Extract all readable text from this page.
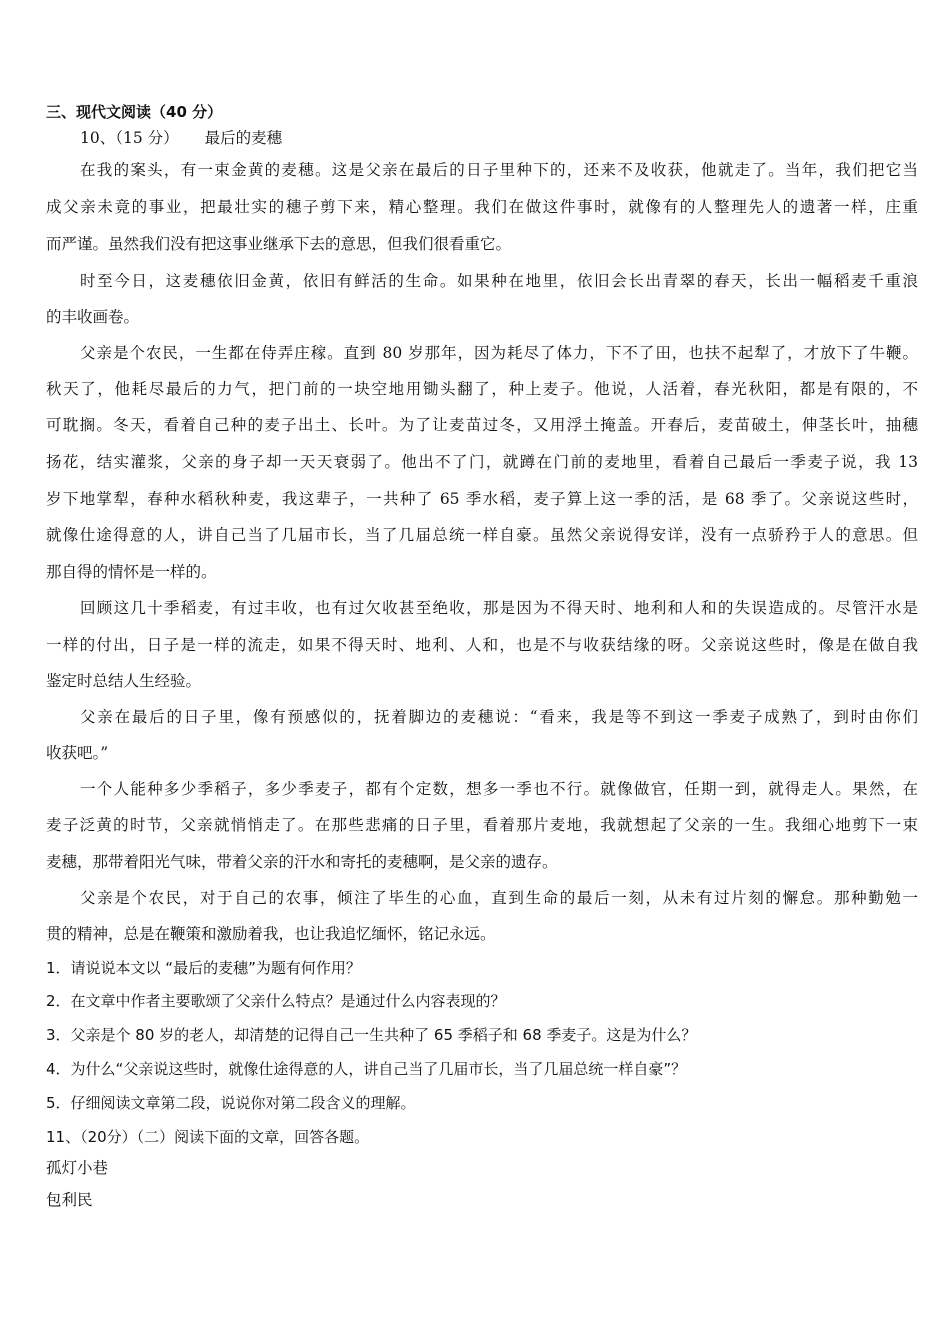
三、现代文阅读（40 分）
10、（15 分） 最后的麦穗
在我的案头，有一束金黄的麦穗。这是父亲在最后的日子里种下的，还来不及收获，他就走了。当年，我们把它当
成父亲未竟的事业，把最壮实的穗子剪下来，精心整理。我们在做这件事时，就像有的人整理先人的遗著一样，庄重
而严谨。虽然我们没有把这事业继承下去的意思，但我们很看重它。
时至今日，这麦穗依旧金黄，依旧有鲜活的生命。如果种在地里，依旧会长出青翠的春天，长出一幅稻麦千重浪
的丰收画卷。
父亲是个农民，一生都在侍弄庄稼。直到 80 岁那年，因为耗尽了体力，下不了田，也扶不起犁了，才放下了牛鞭。
秋天了，他耗尽最后的力气，把门前的一块空地用锄头翻了，种上麦子。他说，人活着，春光秋阳，都是有限的，不
可耽搁。冬天，看着自己种的麦子出土、长叶。为了让麦苗过冬，又用浮土掩盖。开春后，麦苗破土，伸茎长叶，抽穗
扬花，结实灌浆，父亲的身子却一天天衰弱了。他出不了门，就蹲在门前的麦地里，看着自己最后一季麦子说，我 13
岁下地掌犁，春种水稻秋种麦，我这辈子，一共种了 65 季水稻，麦子算上这一季的活，是 68 季了。父亲说这些时，
就像仕途得意的人，讲自己当了几届市长，当了几届总统一样自豪。虽然父亲说得安详，没有一点骄矜于人的意思。但
那自得的情怀是一样的。
回顾这几十季稻麦，有过丰收，也有过欠收甚至绝收，那是因为不得天时、地利和人和的失误造成的。尽管汗水是
一样的付出，日子是一样的流走，如果不得天时、地利、人和，也是不与收获结缘的呀。父亲说这些时，像是在做自我
鉴定时总结人生经验。
父亲在最后的日子里，像有预感似的，抚着脚边的麦穗说：“看来，我是等不到这一季麦子成熟了，到时由你们
收获吧。”
一个人能种多少季稻子，多少季麦子，都有个定数，想多一季也不行。就像做官，任期一到，就得走人。果然，在
麦子泛黄的时节，父亲就悄悄走了。在那些悲痛的日子里，看着那片麦地，我就想起了父亲的一生。我细心地剪下一束
麦穗，那带着阳光气味，带着父亲的汗水和寄托的麦穗啊，是父亲的遗存。
父亲是个农民，对于自己的农事，倾注了毕生的心血，直到生命的最后一刻，从未有过片刻的懈怠。那种勤勉一
贯的精神，总是在鞭策和激励着我，也让我追忆缅怀，铭记永远。
1．请说说本文以 “最后的麦穗”为题有何作用？
2．在文章中作者主要歌颂了父亲什么特点？是通过什么内容表现的？
3．父亲是个 80 岁的老人，却清楚的记得自己一生共种了 65 季稻子和 68 季麦子。这是为什么？
4．为什么“父亲说这些时，就像仕途得意的人，讲自己当了几届市长，当了几届总统一样自豪”？
5．仔细阅读文章第二段，说说你对第二段含义的理解。
11、（20分）（二）阅读下面的文章，回答各题。
孤灯小巷
包利民
